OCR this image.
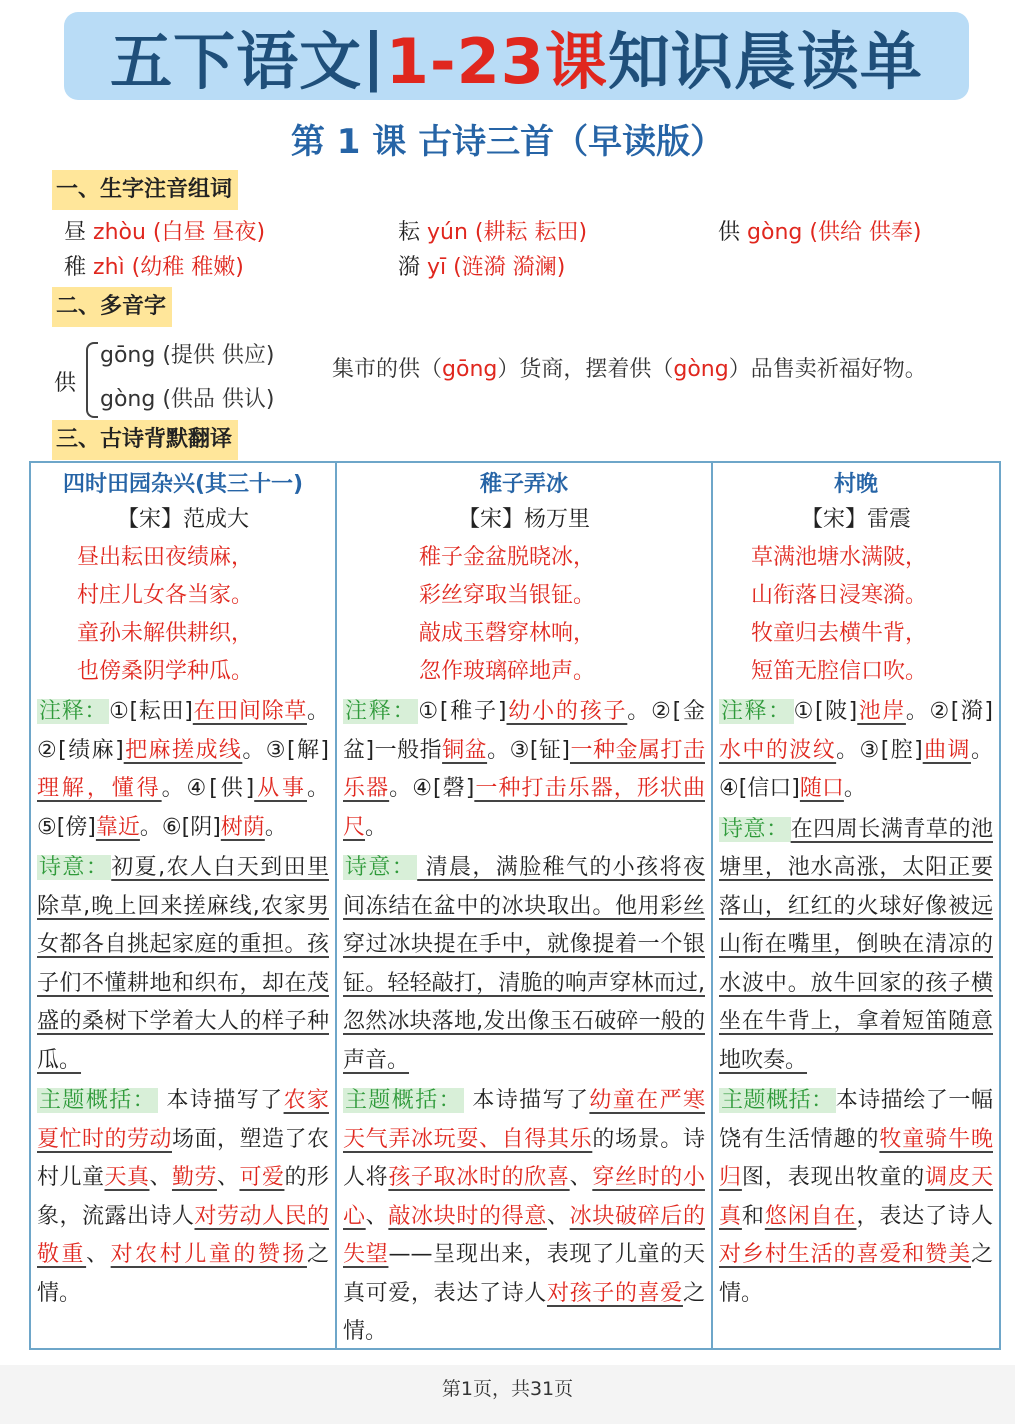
五下语文 | 1-23课 知识晨读单
第 1 课 古诗三首（早读版）
一、生字注音组词
昼 zhòu (白昼 昼夜)	耘 yún (耕耘 耘田)	供 gòng (供给 供奉)
稚 zhì (幼稚 稚嫩)	漪 yī (涟漪 漪澜)
二、多音字
供
gōng (提供 供应)
gòng (供品 供认)
集市的供（gōng）货商，摆着供（gòng）品售卖祈福好物。
三、古诗背默翻译
四时田园杂兴(其三十一)
【宋】范成大
昼出耘田夜绩麻，
村庄儿女各当家。
童孙未解供耕织，
也傍桑阴学种瓜。
注释：①[耘田]在田间除草。②[绩麻]把麻搓成线。③[解]理解，懂得。④[供]从事。⑤[傍]靠近。⑥[阴]树荫。
诗意：初夏,农人白天到田里除草,晚上回来搓麻线,农家男女都各自挑起家庭的重担。孩子们不懂耕地和织布，却在茂盛的桑树下学着大人的样子种瓜。
主题概括： 本诗描写了农家夏忙时的劳动场面，塑造了农村儿童天真、勤劳、可爱的形象，流露出诗人对劳动人民的敬重、对农村儿童的赞扬之情。
稚子弄冰
【宋】杨万里
稚子金盆脱晓冰，
彩丝穿取当银钲。
敲成玉磬穿林响，
忽作玻璃碎地声。
注释：①[稚子]幼小的孩子。②[金盆]一般指铜盆。③[钲]一种金属打击乐器。④[磬]一种打击乐器，形状曲尺。
诗意： 清晨，满脸稚气的小孩将夜间冻结在盆中的冰块取出。他用彩丝穿过冰块提在手中，就像提着一个银钲。轻轻敲打，清脆的响声穿林而过,忽然冰块落地,发出像玉石破碎一般的声音。
主题概括： 本诗描写了幼童在严寒天气弄冰玩耍、自得其乐的场景。诗人将孩子取冰时的欣喜、穿丝时的小心、敲冰块时的得意、冰块破碎后的失望——呈现出来，表现了儿童的天真可爱，表达了诗人对孩子的喜爱之情。
村晚
【宋】雷震
草满池塘水满陂，
山衔落日浸寒漪。
牧童归去横牛背，
短笛无腔信口吹。
注释：①[陂]池岸。②[漪]水中的波纹。③[腔]曲调。④[信口]随口。
诗意：在四周长满青草的池塘里，池水高涨，太阳正要落山，红红的火球好像被远山衔在嘴里，倒映在清凉的水波中。放牛回家的孩子横坐在牛背上，拿着短笛随意地吹奏。
主题概括：本诗描绘了一幅饶有生活情趣的牧童骑牛晚归图，表现出牧童的调皮天真和悠闲自在，表达了诗人对乡村生活的喜爱和赞美之情。
第1页，共31页
